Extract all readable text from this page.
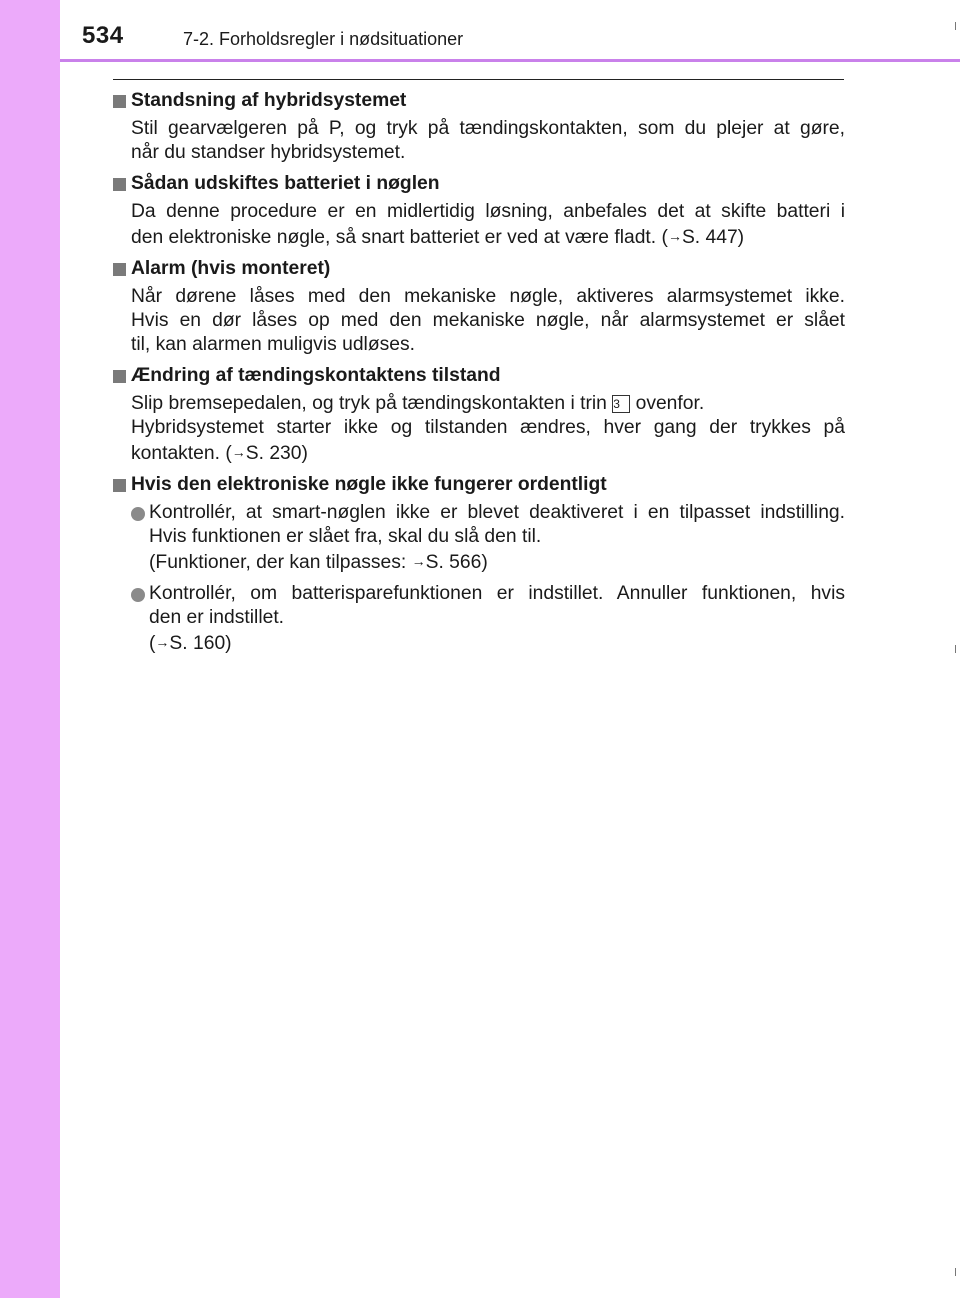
534	7-2. Forholdsregler i nødsituationer
Standsning af hybridsystemet
Stil gearvælgeren på P, og tryk på tændingskontakten, som du plejer at gøre,
når du standser hybridsystemet.
Sådan udskiftes batteriet i nøglen
Da denne procedure er en midlertidig løsning, anbefales det at skifte batteri i
den elektroniske nøgle, så snart batteriet er ved at være fladt. (→S. 447)
Alarm (hvis monteret)
Når dørene låses med den mekaniske nøgle, aktiveres alarmsystemet ikke.
Hvis en dør låses op med den mekaniske nøgle, når alarmsystemet er slået
til, kan alarmen muligvis udløses.
Ændring af tændingskontaktens tilstand
Slip bremsepedalen, og tryk på tændingskontakten i trin 3 ovenfor.
Hybridsystemet starter ikke og tilstanden ændres, hver gang der trykkes på
kontakten. (→S. 230)
Hvis den elektroniske nøgle ikke fungerer ordentligt
Kontrollér, at smart-nøglen ikke er blevet deaktiveret i en tilpasset indstilling.
Hvis funktionen er slået fra, skal du slå den til.
(Funktioner, der kan tilpasses: →S. 566)
Kontrollér, om batterisparefunktionen er indstillet. Annuller funktionen, hvis
den er indstillet.
(→S. 160)
